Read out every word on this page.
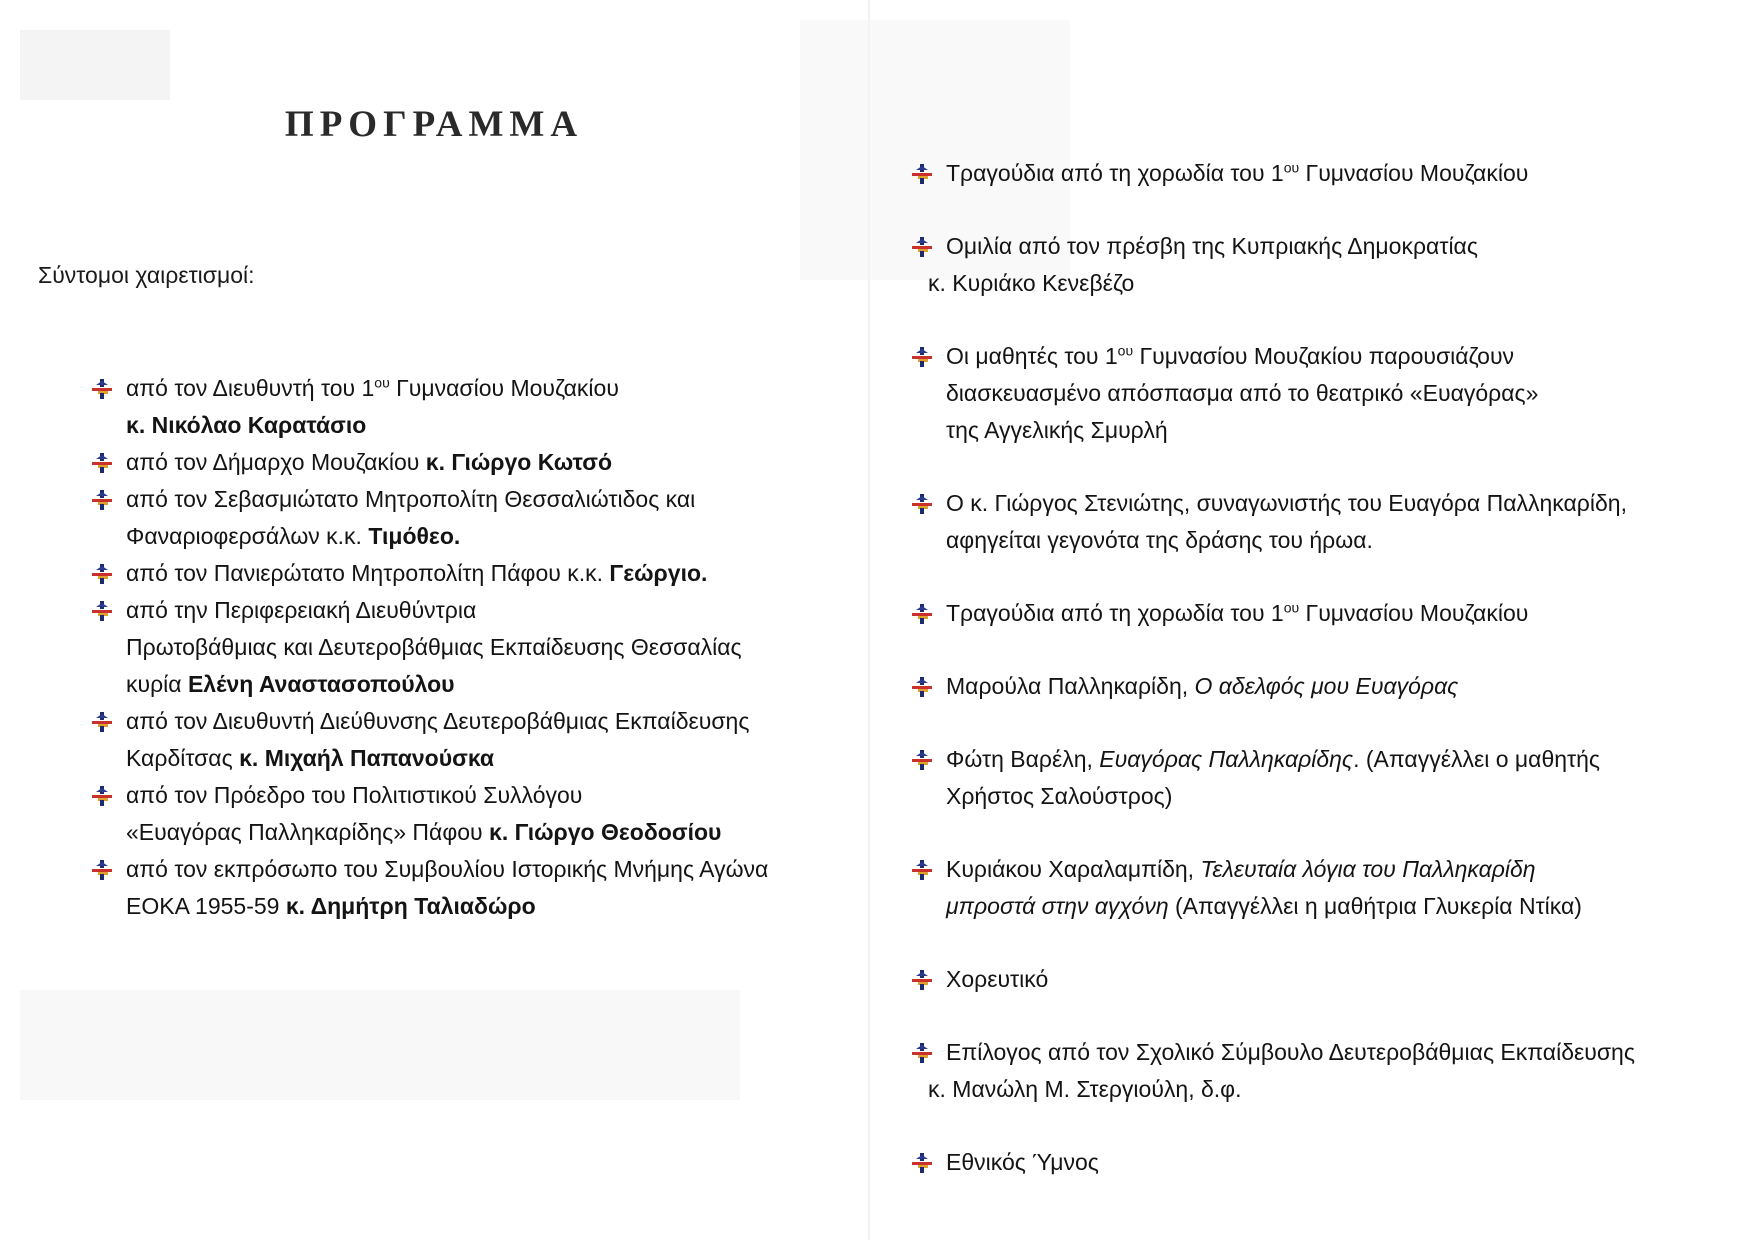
ΠΡΟΓΡΑΜΜΑ
Σύντομοι χαιρετισμοί:
από τον Διευθυντή του $1^{o\upsilon}$ Γυμνασίου Μουζακίου
κ. Νικόλαο Καρατάσιο
από τον Δήμαρχο Μουζακίου κ. Γιώργο Κωτσό
από τον Σεβασμιώτατο Μητροπολίτη Θεσσαλιώτιδος και
Φαναριοφερσάλων κ.κ. Τιμόθεο.
από τον Πανιερώτατο Μητροπολίτη Πάφου κ.κ. Γεώργιο.
από την Περιφερειακή Διευθύντρια
Πρωτοβάθμιας και Δευτεροβάθμιας Εκπαίδευσης Θεσσαλίας
κυρία Ελένη Αναστασοπούλου
από τον Διευθυντή Διεύθυνσης Δευτεροβάθμιας Εκπαίδευσης
Καρδίτσας κ. Μιχαήλ Παπανούσκα
από τον Πρόεδρο του Πολιτιστικού Συλλόγου
«Ευαγόρας Παλληκαρίδης» Πάφου κ. Γιώργο Θεοδοσίου
από τον εκπρόσωπο του Συμβουλίου Ιστορικής Μνήμης Αγώνα
ΕΟΚΑ 1955-59 κ. Δημήτρη Ταλιαδώρο
Τραγούδια από τη χορωδία του $1^{o\upsilon}$ Γυμνασίου Μουζακίου
Ομιλία από τον πρέσβη της Κυπριακής Δημοκρατίας
κ. Κυριάκο Κενεβέζο
Οι μαθητές του $1^{o\upsilon}$ Γυμνασίου Μουζακίου παρουσιάζουν
διασκευασμένο απόσπασμα από το θεατρικό «Ευαγόρας»
της Αγγελικής Σμυρλή
Ο κ. Γιώργος Στενιώτης, συναγωνιστής του Ευαγόρα Παλληκαρίδη,
αφηγείται γεγονότα της δράσης του ήρωα.
Τραγούδια από τη χορωδία του $1^{o\upsilon}$ Γυμνασίου Μουζακίου
Μαρούλα Παλληκαρίδη, Ο αδελφός μου Ευαγόρας
Φώτη Βαρέλη, Ευαγόρας Παλληκαρίδης. (Απαγγέλλει ο μαθητής
Χρήστος Σαλούστρος)
Κυριάκου Χαραλαμπίδη, Τελευταία λόγια του Παλληκαρίδη
μπροστά στην αγχόνη (Απαγγέλλει η μαθήτρια Γλυκερία Ντίκα)
Χορευτικό
Επίλογος από τον Σχολικό Σύμβουλο Δευτεροβάθμιας Εκπαίδευσης
κ. Μανώλη Μ. Στεργιούλη, δ.φ.
Εθνικός Ύμνος
